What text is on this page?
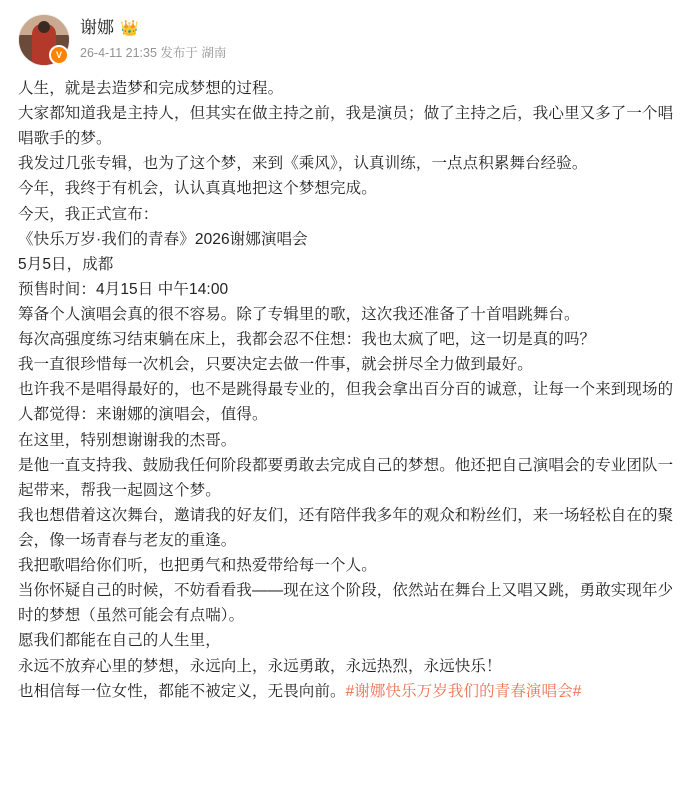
V
谢娜 👑
26-4-11 21:35 发布于 湖南

人生，就是去造梦和完成梦想的过程。

大家都知道我是主持人，但其实在做主持之前，我是演员；做了主持之后，我心里又多了一个唱唱歌手的梦。

我发过几张专辑，也为了这个梦，来到《乘风》，认真训练，一点点积累舞台经验。

今年，我终于有机会，认认真真地把这个梦想完成。

今天，我正式宣布：

《快乐万岁·我们的青春》2026谢娜演唱会

5月5日，成都

预售时间：4月15日 中午14:00

筹备个人演唱会真的很不容易。除了专辑里的歌，这次我还准备了十首唱跳舞台。

每次高强度练习结束躺在床上，我都会忍不住想：我也太疯了吧，这一切是真的吗？

我一直很珍惜每一次机会，只要决定去做一件事，就会拼尽全力做到最好。

也许我不是唱得最好的，也不是跳得最专业的，但我会拿出百分百的诚意，让每一个来到现场的人都觉得：来谢娜的演唱会，值得。

在这里，特别想谢谢我的杰哥。

是他一直支持我、鼓励我任何阶段都要勇敢去完成自己的梦想。他还把自己演唱会的专业团队一起带来，帮我一起圆这个梦。

我也想借着这次舞台，邀请我的好友们，还有陪伴我多年的观众和粉丝们，来一场轻松自在的聚会，像一场青春与老友的重逢。

我把歌唱给你们听，也把勇气和热爱带给每一个人。

当你怀疑自己的时候，不妨看看我——现在这个阶段，依然站在舞台上又唱又跳，勇敢实现年少时的梦想（虽然可能会有点喘）。

愿我们都能在自己的人生里，

永远不放弃心里的梦想，永远向上，永远勇敢，永远热烈，永远快乐！

也相信每一位女性，都能不被定义，无畏向前。#谢娜快乐万岁我们的青春演唱会#
